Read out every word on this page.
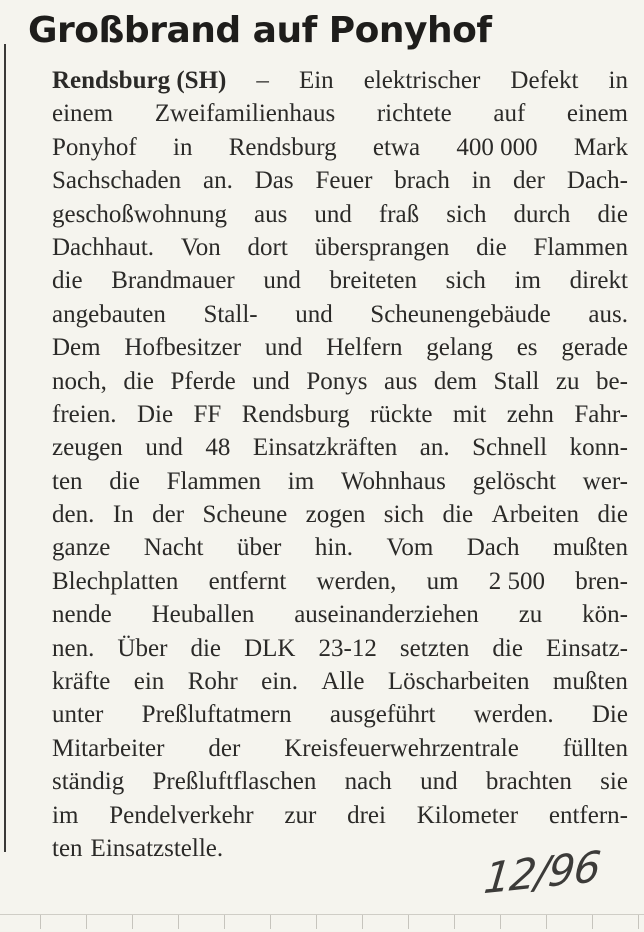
Großbrand auf Ponyhof
Rendsburg (SH) – Ein elektrischer Defekt in
einem Zweifamilienhaus richtete auf einem
Ponyhof in Rendsburg etwa 400 000 Mark
Sachschaden an. Das Feuer brach in der Dach-
geschoßwohnung aus und fraß sich durch die
Dachhaut. Von dort übersprangen die Flammen
die Brandmauer und breiteten sich im direkt
angebauten Stall- und Scheunengebäude aus.
Dem Hofbesitzer und Helfern gelang es gerade
noch, die Pferde und Ponys aus dem Stall zu be-
freien. Die FF Rendsburg rückte mit zehn Fahr-
zeugen und 48 Einsatzkräften an. Schnell konn-
ten die Flammen im Wohnhaus gelöscht wer-
den. In der Scheune zogen sich die Arbeiten die
ganze Nacht über hin. Vom Dach mußten
Blechplatten entfernt werden, um 2 500 bren-
nende Heuballen auseinanderziehen zu kön-
nen. Über die DLK 23-12 setzten die Einsatz-
kräfte ein Rohr ein. Alle Löscharbeiten mußten
unter Preßluftatmern ausgeführt werden. Die
Mitarbeiter der Kreisfeuerwehrzentrale füllten
ständig Preßluftflaschen nach und brachten sie
im Pendelverkehr zur drei Kilometer entfern-
ten Einsatzstelle.	12/96
